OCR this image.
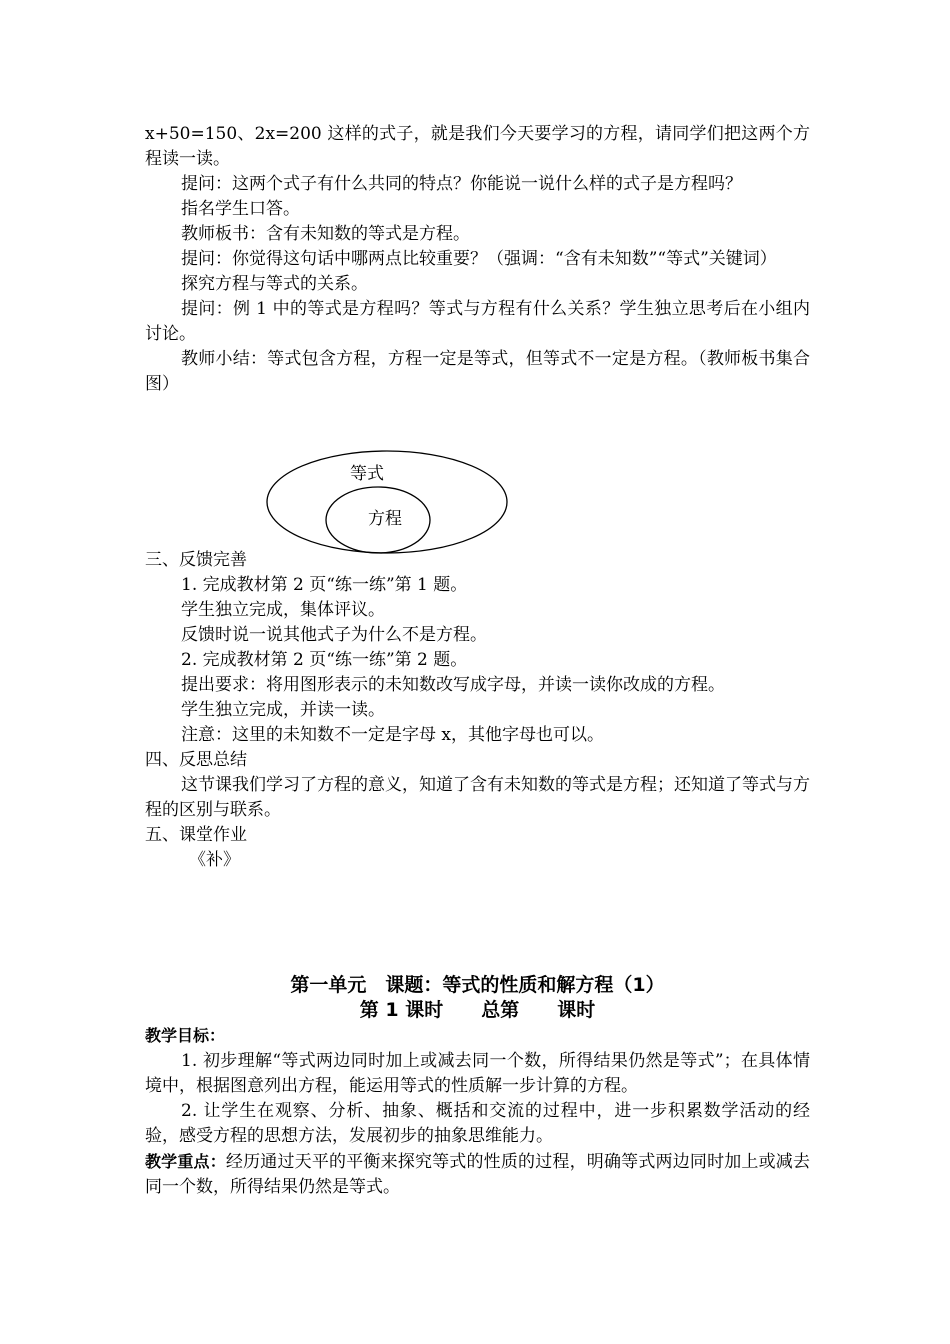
x+50=150、2x=200 这样的式子，就是我们今天要学习的方程，请同学们把这两个方程读一读。

提问：这两个式子有什么共同的特点？你能说一说什么样的式子是方程吗？

指名学生口答。

教师板书：含有未知数的等式是方程。

提问：你觉得这句话中哪两点比较重要？（强调：“含有未知数”“等式”关键词）

探究方程与等式的关系。

提问：例 1 中的等式是方程吗？等式与方程有什么关系？学生独立思考后在小组内讨论。

教师小结：等式包含方程，方程一定是等式，但等式不一定是方程。（教师板书集合图）

等式
方程

三、反馈完善

1. 完成教材第 2 页“练一练”第 1 题。

学生独立完成，集体评议。

反馈时说一说其他式子为什么不是方程。

2. 完成教材第 2 页“练一练”第 2 题。

提出要求：将用图形表示的未知数改写成字母，并读一读你改成的方程。

学生独立完成，并读一读。

注意：这里的未知数不一定是字母 x，其他字母也可以。

四、反思总结

这节课我们学习了方程的意义，知道了含有未知数的等式是方程；还知道了等式与方程的区别与联系。

五、课堂作业

《补》

第一单元　课题：等式的性质和解方程（1）
第 1 课时　　总第　　课时

教学目标：

1. 初步理解“等式两边同时加上或减去同一个数，所得结果仍然是等式”；在具体情境中，根据图意列出方程，能运用等式的性质解一步计算的方程。

2. 让学生在观察、分析、抽象、概括和交流的过程中，进一步积累数学活动的经验，感受方程的思想方法，发展初步的抽象思维能力。

教学重点：经历通过天平的平衡来探究等式的性质的过程，明确等式两边同时加上或减去同一个数，所得结果仍然是等式。
